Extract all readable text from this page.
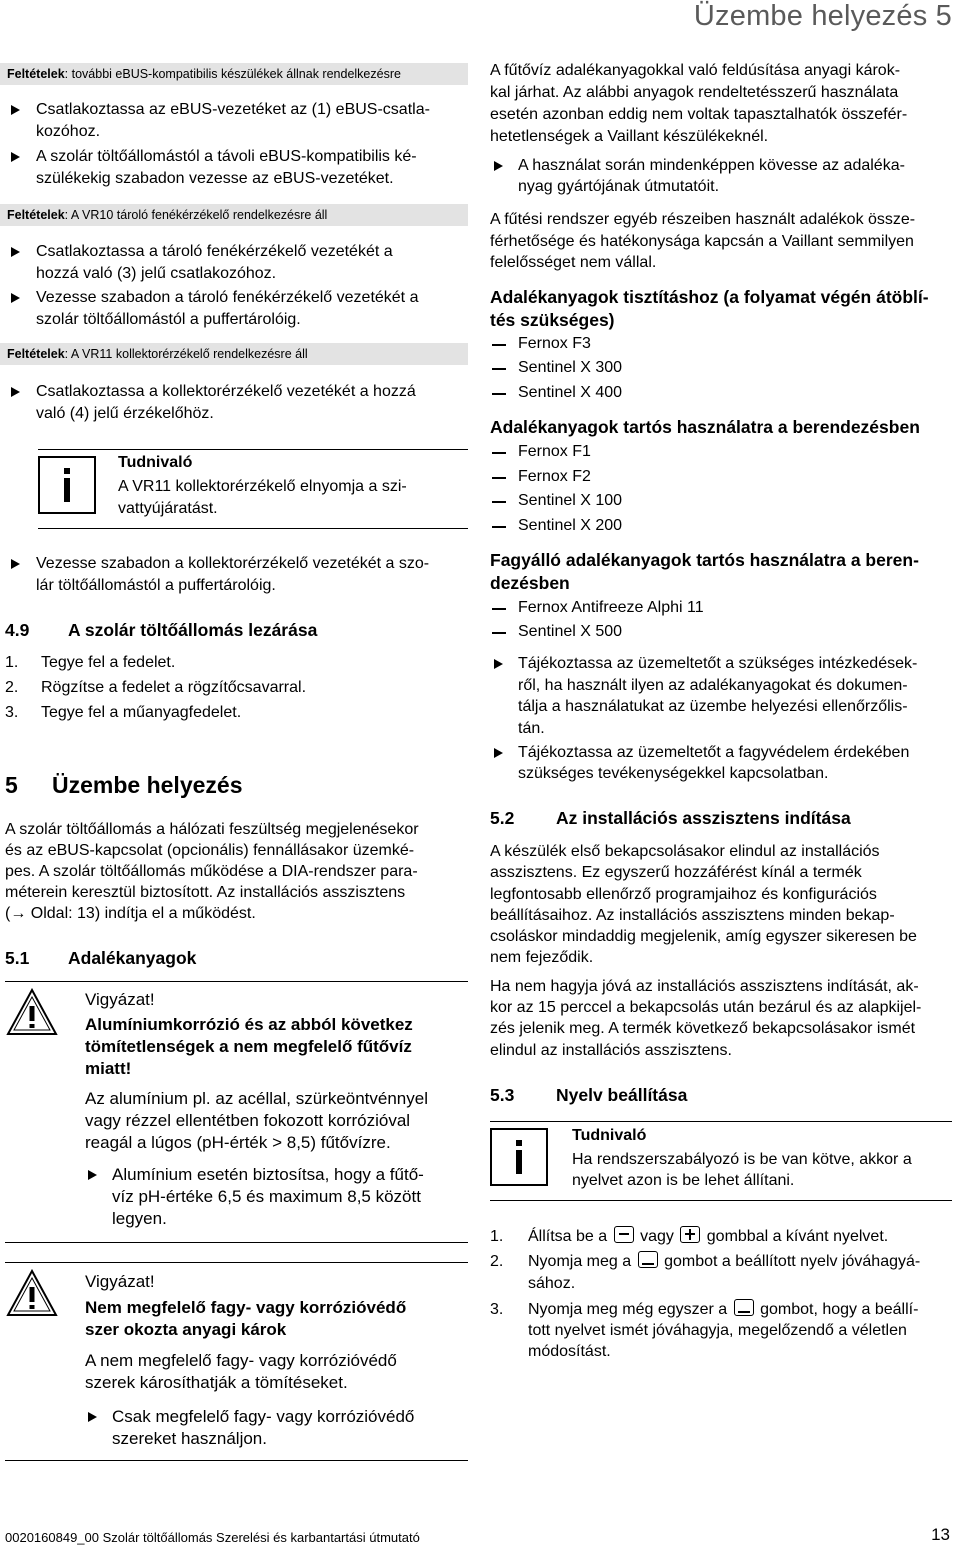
Üzembe helyezés 5
Feltételek: további eBUS-kompatibilis készülékek állnak rendelkezésre
Csatlakoztassa az eBUS-vezetéket az (1) eBUS-csatla-
kozóhoz.
A szolár töltőállomástól a távoli eBUS-kompatibilis ké-
szülékekig szabadon vezesse az eBUS-vezetéket.
Feltételek: A VR10 tároló fenékérzékelő rendelkezésre áll
Csatlakoztassa a tároló fenékérzékelő vezetékét a
hozzá való (3) jelű csatlakozóhoz.
Vezesse szabadon a tároló fenékérzékelő vezetékét a
szolár töltőállomástól a puffertárolóig.
Feltételek: A VR11 kollektorérzékelő rendelkezésre áll
Csatlakoztassa a kollektorérzékelő vezetékét a hozzá
való (4) jelű érzékelőhöz.
Tudnivaló
A VR11 kollektorérzékelő elnyomja a szi-
vattyújáratást.
Vezesse szabadon a kollektorérzékelő vezetékét a szo-
lár töltőállomástól a puffertárolóig.
4.9 A szolár töltőállomás lezárása
1. Tegye fel a fedelet.
2. Rögzítse a fedelet a rögzítőcsavarral.
3. Tegye fel a műanyagfedelet.
5 Üzembe helyezés
A szolár töltőállomás a hálózati feszültség megjelenésekor
és az eBUS-kapcsolat (opcionális) fennállásakor üzemké-
pes. A szolár töltőállomás működése a DIA-rendszer para-
méterein keresztül biztosított. Az installációs asszisztens
(→ Oldal: 13) indítja el a működést.
5.1 Adalékanyagok
Vigyázat!
Alumíniumkorrózió és az abból következ
tömítetlenségek a nem megfelelő fűtővíz
miatt!
Az alumínium pl. az acéllal, szürkeöntvénnyel
vagy rézzel ellentétben fokozott korrózióval
reagál a lúgos (pH-érték > 8,5) fűtővízre.
Alumínium esetén biztosítsa, hogy a fűtő-
víz pH-értéke 6,5 és maximum 8,5 között
legyen.
Vigyázat!
Nem megfelelő fagy- vagy korrózióvédő
szer okozta anyagi károk
A nem megfelelő fagy- vagy korrózióvédő
szerek károsíthatják a tömítéseket.
Csak megfelelő fagy- vagy korrózióvédő
szereket használjon.
A fűtővíz adalékanyagokkal való feldúsítása anyagi károk-
kal járhat. Az alábbi anyagok rendeltetésszerű használata
esetén azonban eddig nem voltak tapasztalhatók összefér-
hetetlenségek a Vaillant készülékeknél.
A használat során mindenképpen kövesse az adaléka-
nyag gyártójának útmutatóit.
A fűtési rendszer egyéb részeiben használt adalékok össze-
férhetősége és hatékonysága kapcsán a Vaillant semmilyen
felelősséget nem vállal.
Adalékanyagok tisztításhoz (a folyamat végén átöblí-
tés szükséges)
Fernox F3
Sentinel X 300
Sentinel X 400
Adalékanyagok tartós használatra a berendezésben
Fernox F1
Fernox F2
Sentinel X 100
Sentinel X 200
Fagyálló adalékanyagok tartós használatra a beren-
dezésben
Fernox Antifreeze Alphi 11
Sentinel X 500
Tájékoztassa az üzemeltetőt a szükséges intézkedések-
ről, ha használt ilyen az adalékanyagokat és dokumen-
tálja a használatukat az üzembe helyezési ellenőrzőlis-
tán.
Tájékoztassa az üzemeltetőt a fagyvédelem érdekében
szükséges tevékenységekkel kapcsolatban.
5.2 Az installációs asszisztens indítása
A készülék első bekapcsolásakor elindul az installációs
asszisztens. Ez egyszerű hozzáférést kínál a termék
legfontosabb ellenőrző programjaihoz és konfigurációs
beállításaihoz. Az installációs asszisztens minden bekap-
csoláskor mindaddig megjelenik, amíg egyszer sikeresen be
nem fejeződik.
Ha nem hagyja jóvá az installációs asszisztens indítását, ak-
kor az 15 perccel a bekapcsolás után bezárul és az alapkijel-
zés jelenik meg. A termék következő bekapcsolásakor ismét
elindul az installációs asszisztens.
5.3 Nyelv beállítása
Tudnivaló
Ha rendszerszabályozó is be van kötve, akkor a
nyelvet azon is be lehet állítani.
1. Állítsa be a vagy gombbal a kívánt nyelvet.
2. Nyomja meg a gombot a beállított nyelv jóváhagyá-
sához.
3. Nyomja meg még egyszer a gombot, hogy a beállí-
tott nyelvet ismét jóváhagyja, megelőzendő a véletlen
módosítást.
0020160849_00 Szolár töltőállomás Szerelési és karbantartási útmutató	13
